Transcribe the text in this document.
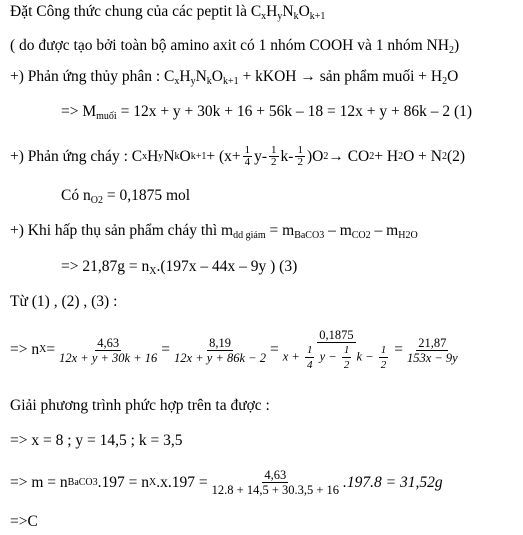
Đặt Công thức chung của các peptit là $C_xH_yN_kO_{k+1}$
( do được tạo bởi toàn bộ amino axit có 1 nhóm COOH và 1 nhóm $NH_2$)
+) Phản ứng thủy phân : $C_xH_yN_kO_{k+1}$ + kKOH → sản phẩm muối + $H_2O$
=> $M_{muối} = 12x + y + 30k + 16 + 56k - 18 = 12x + y + 86k - 2$ (1)
+) Phản ứng cháy : C x H y N k O $k+1 + (x+ \frac{1}{4} y- \frac{1}{2} k- \frac{1}{2} )O$ 2 → CO 2 + H 2 O + N 2 (2)
Có $n_{O2} = 0,1875$ mol
+) Khi hấp thụ sản phẩm cháy thì $m_{dd giảm} = m_{BaCO3} - m_{CO2} - m_{H2O}$
=> $21,87g = n_X.(197x - 44x - 9y$ ) (3)
Từ (1) , (2) , (3) :
=> n $X = \frac{4,63}{12x + y + 30k + 16} = \frac{8,19}{12x + y + 86k - 2}$ =
0,1875
$x + \frac{1}{4}$ $y - \frac{1}{2}$ $k - \frac{1}{2} = \frac{21,87}{153x - 9y}$
Giải phương trình phức hợp trên ta được :
=> x = 8 ; y = 14,5 ; k = 3,5
=> m = n BaCO3 .197 = n X $.x.197 = \frac{4,63}{12.8 + 14,5 + 30.3,5 + 16} .197.8 = 31,52g$
=>C
